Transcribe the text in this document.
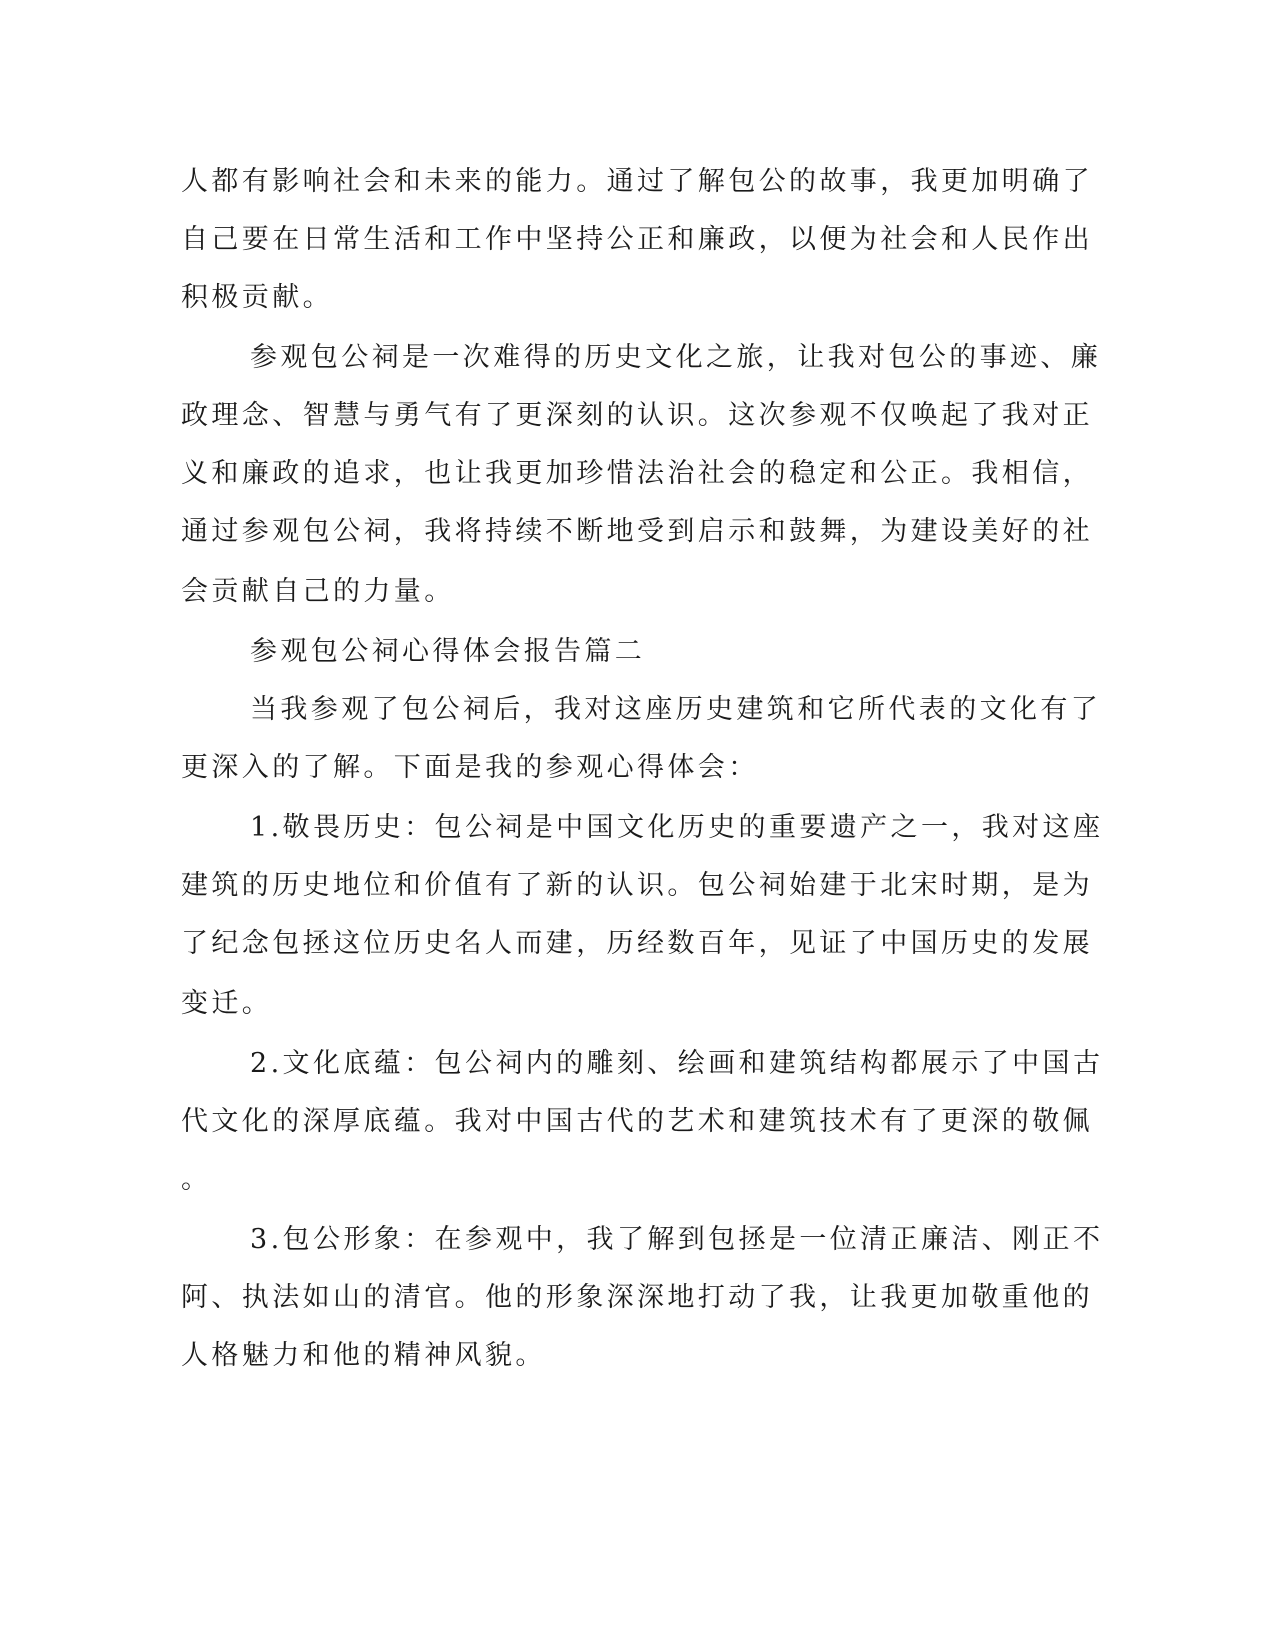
人都有影响社会和未来的能力。通过了解包公的故事，我更加明确了
自己要在日常生活和工作中坚持公正和廉政，以便为社会和人民作出
积极贡献。
参观包公祠是一次难得的历史文化之旅，让我对包公的事迹、廉
政理念、智慧与勇气有了更深刻的认识。这次参观不仅唤起了我对正
义和廉政的追求，也让我更加珍惜法治社会的稳定和公正。我相信，
通过参观包公祠，我将持续不断地受到启示和鼓舞，为建设美好的社
会贡献自己的力量。
参观包公祠心得体会报告篇二
当我参观了包公祠后，我对这座历史建筑和它所代表的文化有了
更深入的了解。下面是我的参观心得体会：
1.敬畏历史：包公祠是中国文化历史的重要遗产之一，我对这座
建筑的历史地位和价值有了新的认识。包公祠始建于北宋时期，是为
了纪念包拯这位历史名人而建，历经数百年，见证了中国历史的发展
变迁。
2.文化底蕴：包公祠内的雕刻、绘画和建筑结构都展示了中国古
代文化的深厚底蕴。我对中国古代的艺术和建筑技术有了更深的敬佩
。
3.包公形象：在参观中，我了解到包拯是一位清正廉洁、刚正不
阿、执法如山的清官。他的形象深深地打动了我，让我更加敬重他的
人格魅力和他的精神风貌。
